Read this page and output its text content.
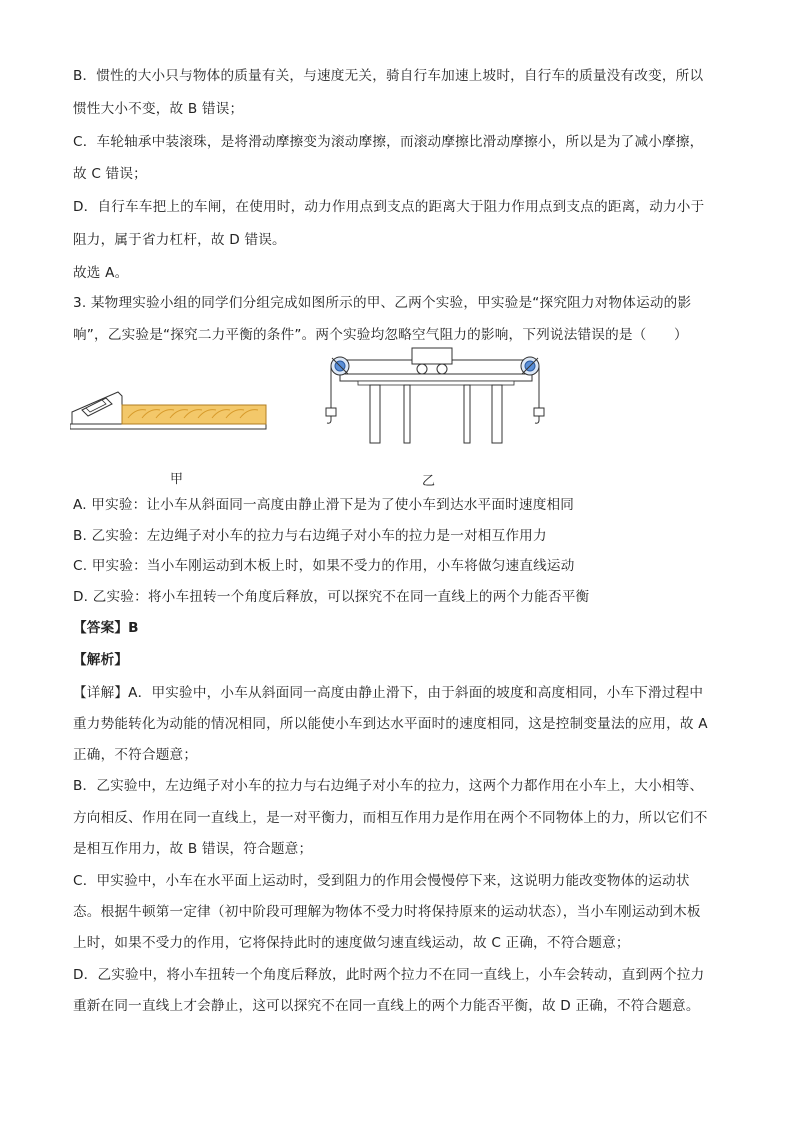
B．惯性的大小只与物体的质量有关，与速度无关，骑自行车加速上坡时，自行车的质量没有改变，所以
惯性大小不变，故 B 错误；
C．车轮轴承中装滚珠，是将滑动摩擦变为滚动摩擦，而滚动摩擦比滑动摩擦小，所以是为了减小摩擦，
故 C 错误；
D．自行车车把上的车闸，在使用时，动力作用点到支点的距离大于阻力作用点到支点的距离，动力小于
阻力，属于省力杠杆，故 D 错误。
故选 A。
3. 某物理实验小组的同学们分组完成如图所示的甲、乙两个实验，甲实验是“探究阻力对物体运动的影
响”，乙实验是“探究二力平衡的条件”。两个实验均忽略空气阻力的影响，下列说法错误的是（　　）
甲	乙
A. 甲实验：让小车从斜面同一高度由静止滑下是为了使小车到达水平面时速度相同
B. 乙实验：左边绳子对小车的拉力与右边绳子对小车的拉力是一对相互作用力
C. 甲实验：当小车刚运动到木板上时，如果不受力的作用，小车将做匀速直线运动
D. 乙实验：将小车扭转一个角度后释放，可以探究不在同一直线上的两个力能否平衡
【答案】B
【解析】
【详解】A．甲实验中，小车从斜面同一高度由静止滑下，由于斜面的坡度和高度相同，小车下滑过程中
重力势能转化为动能的情况相同，所以能使小车到达水平面时的速度相同，这是控制变量法的应用，故 A
正确，不符合题意；
B．乙实验中，左边绳子对小车的拉力与右边绳子对小车的拉力，这两个力都作用在小车上，大小相等、
方向相反、作用在同一直线上，是一对平衡力，而相互作用力是作用在两个不同物体上的力，所以它们不
是相互作用力，故 B 错误，符合题意；
C．甲实验中，小车在水平面上运动时，受到阻力的作用会慢慢停下来，这说明力能改变物体的运动状
态。根据牛顿第一定律（初中阶段可理解为物体不受力时将保持原来的运动状态），当小车刚运动到木板
上时，如果不受力的作用，它将保持此时的速度做匀速直线运动，故 C 正确，不符合题意；
D．乙实验中，将小车扭转一个角度后释放，此时两个拉力不在同一直线上，小车会转动，直到两个拉力
重新在同一直线上才会静止，这可以探究不在同一直线上的两个力能否平衡，故 D 正确，不符合题意。
